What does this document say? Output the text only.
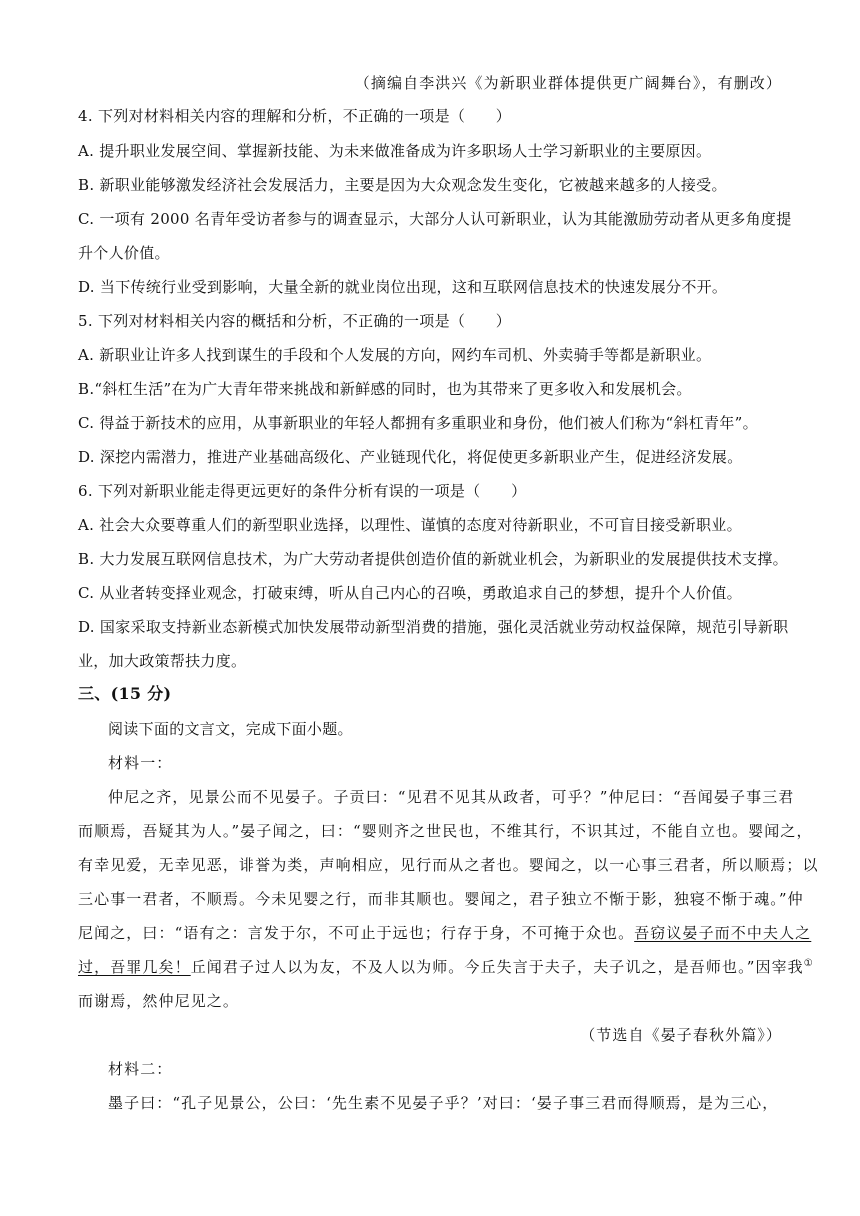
（摘编自李洪兴《为新职业群体提供更广阔舞台》，有删改）
4. 下列对材料相关内容的理解和分析，不正确的一项是（　　）
A. 提升职业发展空间、掌握新技能、为未来做准备成为许多职场人士学习新职业的主要原因。
B. 新职业能够激发经济社会发展活力，主要是因为大众观念发生变化，它被越来越多的人接受。
C. 一项有 2000 名青年受访者参与的调查显示，大部分人认可新职业，认为其能激励劳动者从更多角度提
升个人价值。
D. 当下传统行业受到影响，大量全新的就业岗位出现，这和互联网信息技术的快速发展分不开。
5. 下列对材料相关内容的概括和分析，不正确的一项是（　　）
A. 新职业让许多人找到谋生的手段和个人发展的方向，网约车司机、外卖骑手等都是新职业。
B.“斜杠生活”在为广大青年带来挑战和新鲜感的同时，也为其带来了更多收入和发展机会。
C. 得益于新技术的应用，从事新职业的年轻人都拥有多重职业和身份，他们被人们称为“斜杠青年”。
D. 深挖内需潜力，推进产业基础高级化、产业链现代化，将促使更多新职业产生，促进经济发展。
6. 下列对新职业能走得更远更好的条件分析有误的一项是（　　）
A. 社会大众要尊重人们的新型职业选择，以理性、谨慎的态度对待新职业，不可盲目接受新职业。
B. 大力发展互联网信息技术，为广大劳动者提供创造价值的新就业机会，为新职业的发展提供技术支撑。
C. 从业者转变择业观念，打破束缚，听从自己内心的召唤，勇敢追求自己的梦想，提升个人价值。
D. 国家采取支持新业态新模式加快发展带动新型消费的措施，强化灵活就业劳动权益保障，规范引导新职
业，加大政策帮扶力度。
三、(15 分)
阅读下面的文言文，完成下面小题。
材料一：
仲尼之齐，见景公而不见晏子。子贡曰：“见君不见其从政者，可乎？”仲尼曰：“吾闻晏子事三君
而顺焉，吾疑其为人。”晏子闻之，曰：“婴则齐之世民也，不维其行，不识其过，不能自立也。婴闻之，
有幸见爱，无幸见恶，诽誉为类，声响相应，见行而从之者也。婴闻之，以一心事三君者，所以顺焉；以
三心事一君者，不顺焉。今未见婴之行，而非其顺也。婴闻之，君子独立不惭于影，独寝不惭于魂。”仲
尼闻之，曰：“语有之：言发于尔，不可止于远也；行存于身，不可掩于众也。吾窃议晏子而不中夫人之
过，吾罪几矣！丘闻君子过人以为友，不及人以为师。今丘失言于夫子，夫子讥之，是吾师也。”因宰我①
而谢焉，然仲尼见之。
（节选自《晏子春秋外篇》）
材料二：
墨子曰：“孔子见景公，公曰：‘先生素不见晏子乎？’对曰：‘晏子事三君而得顺焉，是为三心，
